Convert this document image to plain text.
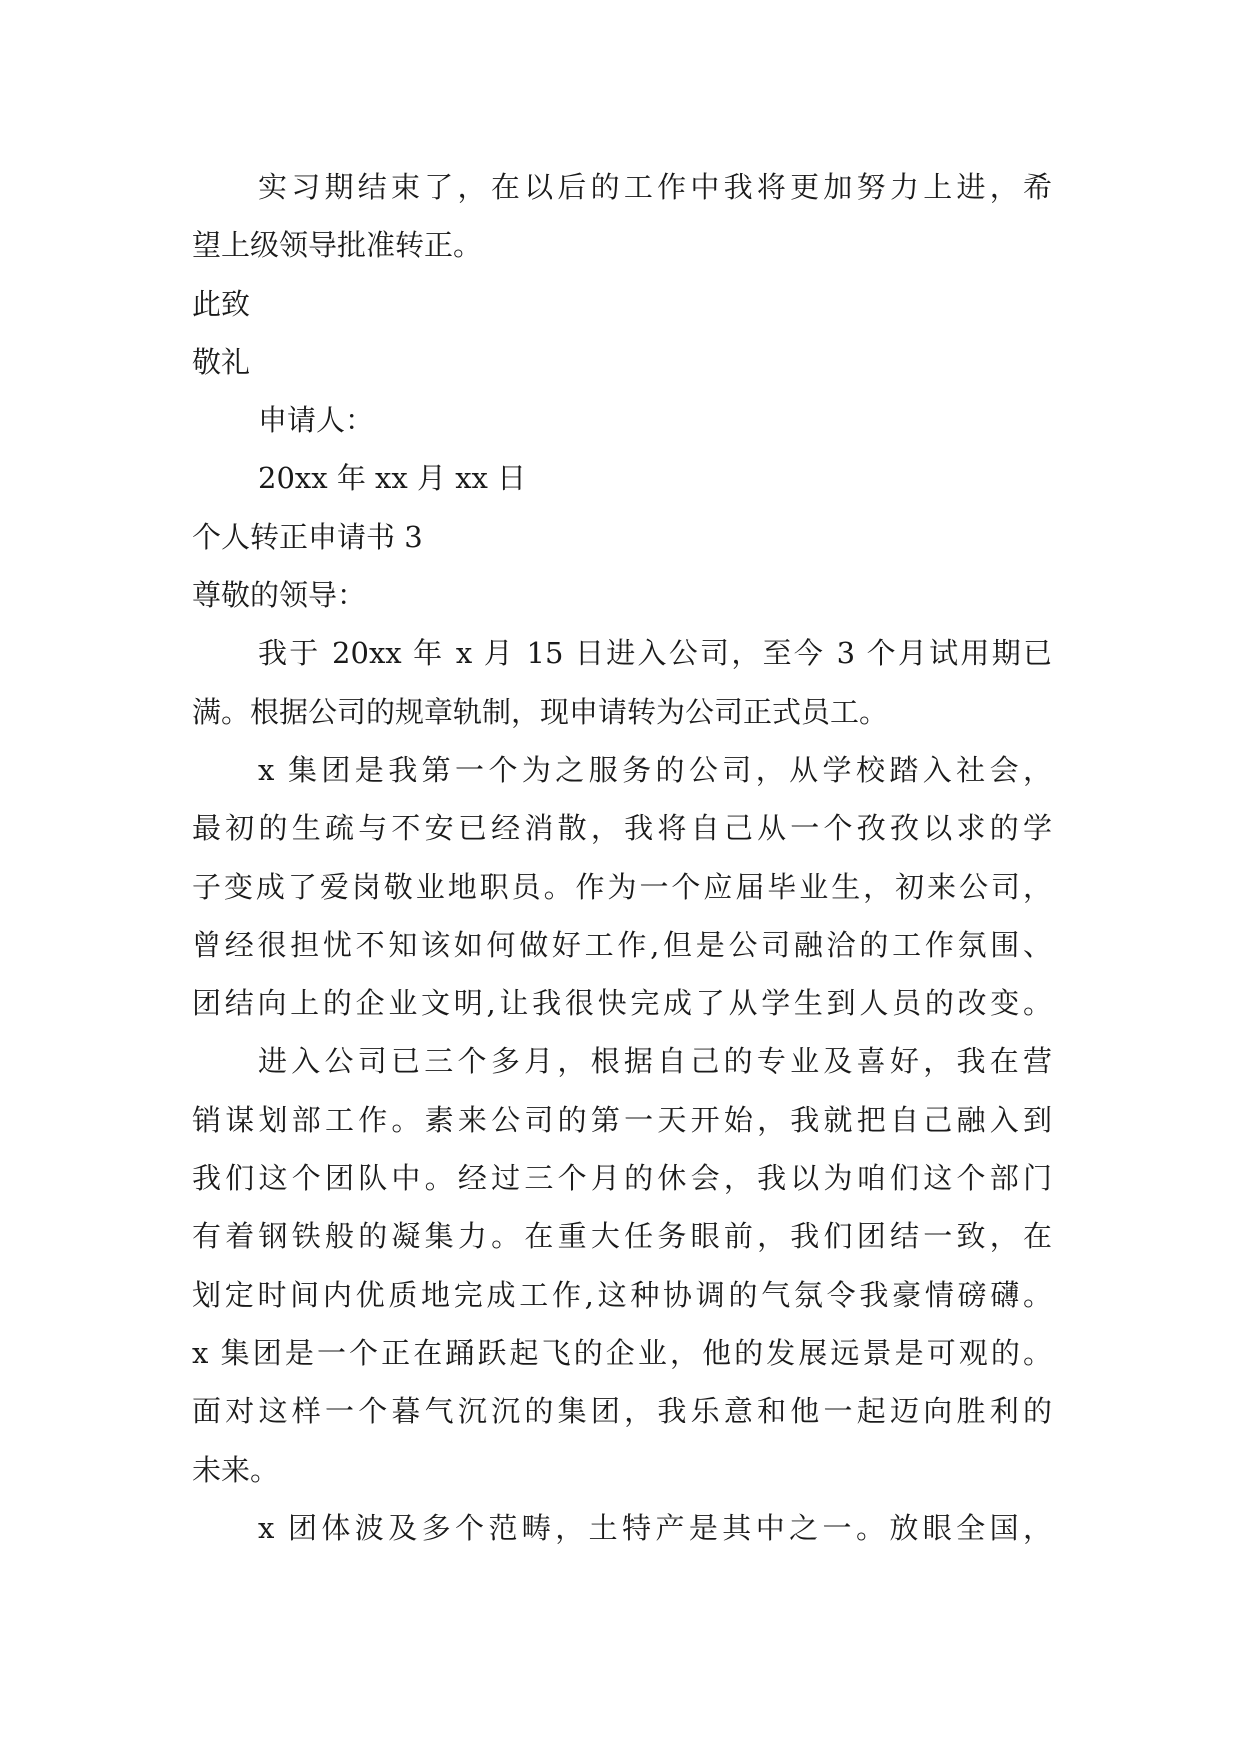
实习期结束了，在以后的工作中我将更加努力上进，希
望上级领导批准转正。
此致
敬礼
申请人：
20xx 年 xx 月 xx 日
个人转正申请书 3
尊敬的领导：
我于 20xx 年 x 月 15 日进入公司，至今 3 个月试用期已
满。根据公司的规章轨制，现申请转为公司正式员工。
x 集团是我第一个为之服务的公司，从学校踏入社会，
最初的生疏与不安已经消散，我将自己从一个孜孜以求的学
子变成了爱岗敬业地职员。作为一个应届毕业生，初来公司，
曾经很担忧不知该如何做好工作,但是公司融洽的工作氛围、
团结向上的企业文明,让我很快完成了从学生到人员的改变。
进入公司已三个多月，根据自己的专业及喜好，我在营
销谋划部工作。素来公司的第一天开始，我就把自己融入到
我们这个团队中。经过三个月的休会，我以为咱们这个部门
有着钢铁般的凝集力。在重大任务眼前，我们团结一致，在
划定时间内优质地完成工作,这种协调的气氛令我豪情磅礴。
x 集团是一个正在踊跃起飞的企业，他的发展远景是可观的。
面对这样一个暮气沉沉的集团，我乐意和他一起迈向胜利的
未来。
x 团体波及多个范畴，土特产是其中之一。放眼全国，
